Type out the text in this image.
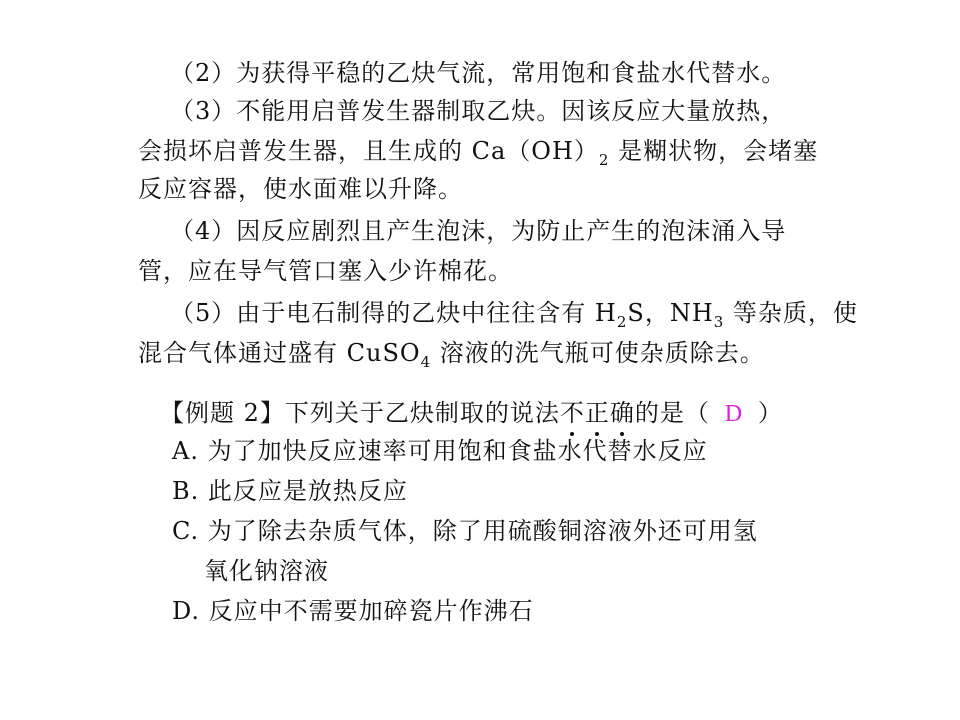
（2）为获得平稳的乙炔气流，常用饱和食盐水代替水。
（3）不能用启普发生器制取乙炔。因该反应大量放热，
会损坏启普发生器，且生成的 $Ca(OH)_2$ 是糊状物，会堵塞
反应容器，使水面难以升降。
（4）因反应剧烈且产生泡沫，为防止产生的泡沫涌入导
管，应在导气管口塞入少许棉花。
（5）由于电石制得的乙炔中往往含有 $H_2S$，$NH_3$ 等杂质，使
混合气体通过盛有 CuSO$_4$ 溶液的洗气瓶可使杂质除去。
【例题 2】下列关于乙炔制取的说法不正确的是（ D ）
A. 为了加快反应速率可用饱和食盐水代替水反应
B. 此反应是放热反应
C. 为了除去杂质气体，除了用硫酸铜溶液外还可用氢
氧化钠溶液
D. 反应中不需要加碎瓷片作沸石
